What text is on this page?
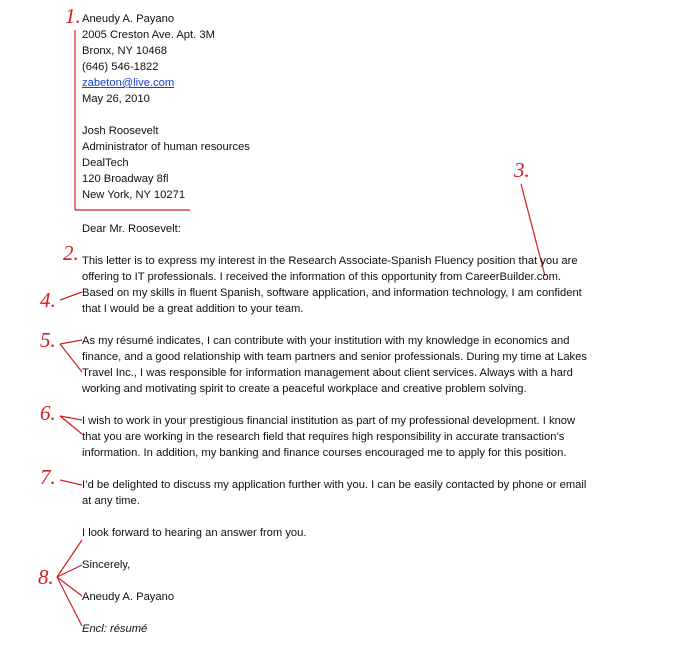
1.
2.
3.
4.
5.
6.
7.
8.
Aneudy A. Payano
2005 Creston Ave. Apt. 3M
Bronx, NY 10468
(646) 546-1822
zabeton@live.com
May 26, 2010
Josh Roosevelt
Administrator of human resources
DealTech
120 Broadway 8fl
New York, NY 10271
Dear Mr. Roosevelt:
This letter is to express my interest in the Research Associate-Spanish Fluency position that you are
offering to IT professionals. I received the information of this opportunity from CareerBuilder.com.
Based on my skills in fluent Spanish, software application, and information technology, I am confident
that I would be a great addition to your team.
As my résumé indicates, I can contribute with your institution with my knowledge in economics and
finance, and a good relationship with team partners and senior professionals. During my time at Lakes
Travel Inc., I was responsible for information management about client services. Always with a hard
working and motivating spirit to create a peaceful workplace and creative problem solving.
I wish to work in your prestigious financial institution as part of my professional development. I know
that you are working in the research field that requires high responsibility in accurate transaction’s
information. In addition, my banking and finance courses encouraged me to apply for this position.
I’d be delighted to discuss my application further with you. I can be easily contacted by phone or email
at any time.
I look forward to hearing an answer from you.
Sincerely,
Aneudy A. Payano
Encl: résumé
